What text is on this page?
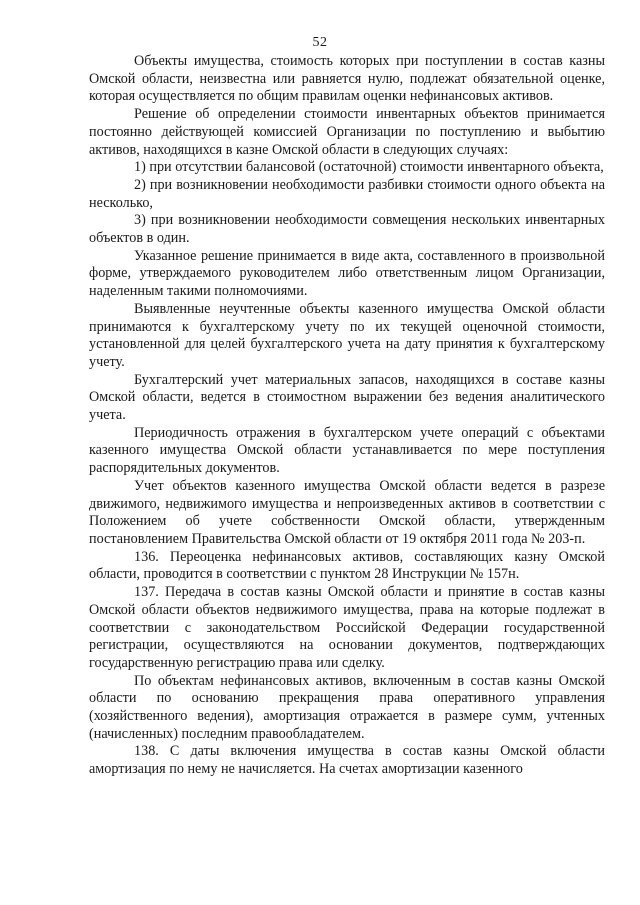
52

Объекты имущества, стоимость которых при поступлении в состав казны Омской области, неизвестна или равняется нулю, подлежат обязательной оценке, которая осуществляется по общим правилам оценки нефинансовых активов.

Решение об определении стоимости инвентарных объектов принимается постоянно действующей комиссией Организации по поступлению и выбытию активов, находящихся в казне Омской области в следующих случаях:

1) при отсутствии балансовой (остаточной) стоимости инвентарного объекта,

2) при возникновении необходимости разбивки стоимости одного объекта на несколько,

3) при возникновении необходимости совмещения нескольких инвентарных объектов в один.

Указанное решение принимается в виде акта, составленного в произвольной форме, утверждаемого руководителем либо ответственным лицом Организации, наделенным такими полномочиями.

Выявленные неучтенные объекты казенного имущества Омской области принимаются к бухгалтерскому учету по их текущей оценочной стоимости, установленной для целей бухгалтерского учета на дату принятия к бухгалтерскому учету.

Бухгалтерский учет материальных запасов, находящихся в составе казны Омской области, ведется в стоимостном выражении без ведения аналитического учета.

Периодичность отражения в бухгалтерском учете операций с объектами казенного имущества Омской области устанавливается по мере поступления распорядительных документов.

Учет объектов казенного имущества Омской области ведется в разрезе движимого, недвижимого имущества и непроизведенных активов в соответствии с Положением об учете собственности Омской области, утвержденным постановлением Правительства Омской области от 19 октября 2011 года № 203-п.

136. Переоценка нефинансовых активов, составляющих казну Омской области, проводится в соответствии с пунктом 28 Инструкции № 157н.

137. Передача в состав казны Омской области и принятие в состав казны Омской области объектов недвижимого имущества, права на которые подлежат в соответствии с законодательством Российской Федерации государственной регистрации, осуществляются на основании документов, подтверждающих государственную регистрацию права или сделку.

По объектам нефинансовых активов, включенным в состав казны Омской области по основанию прекращения права оперативного управления (хозяйственного ведения), амортизация отражается в размере сумм, учтенных (начисленных) последним правообладателем.

138. С даты включения имущества в состав казны Омской области амортизация по нему не начисляется. На счетах амортизации казенного
